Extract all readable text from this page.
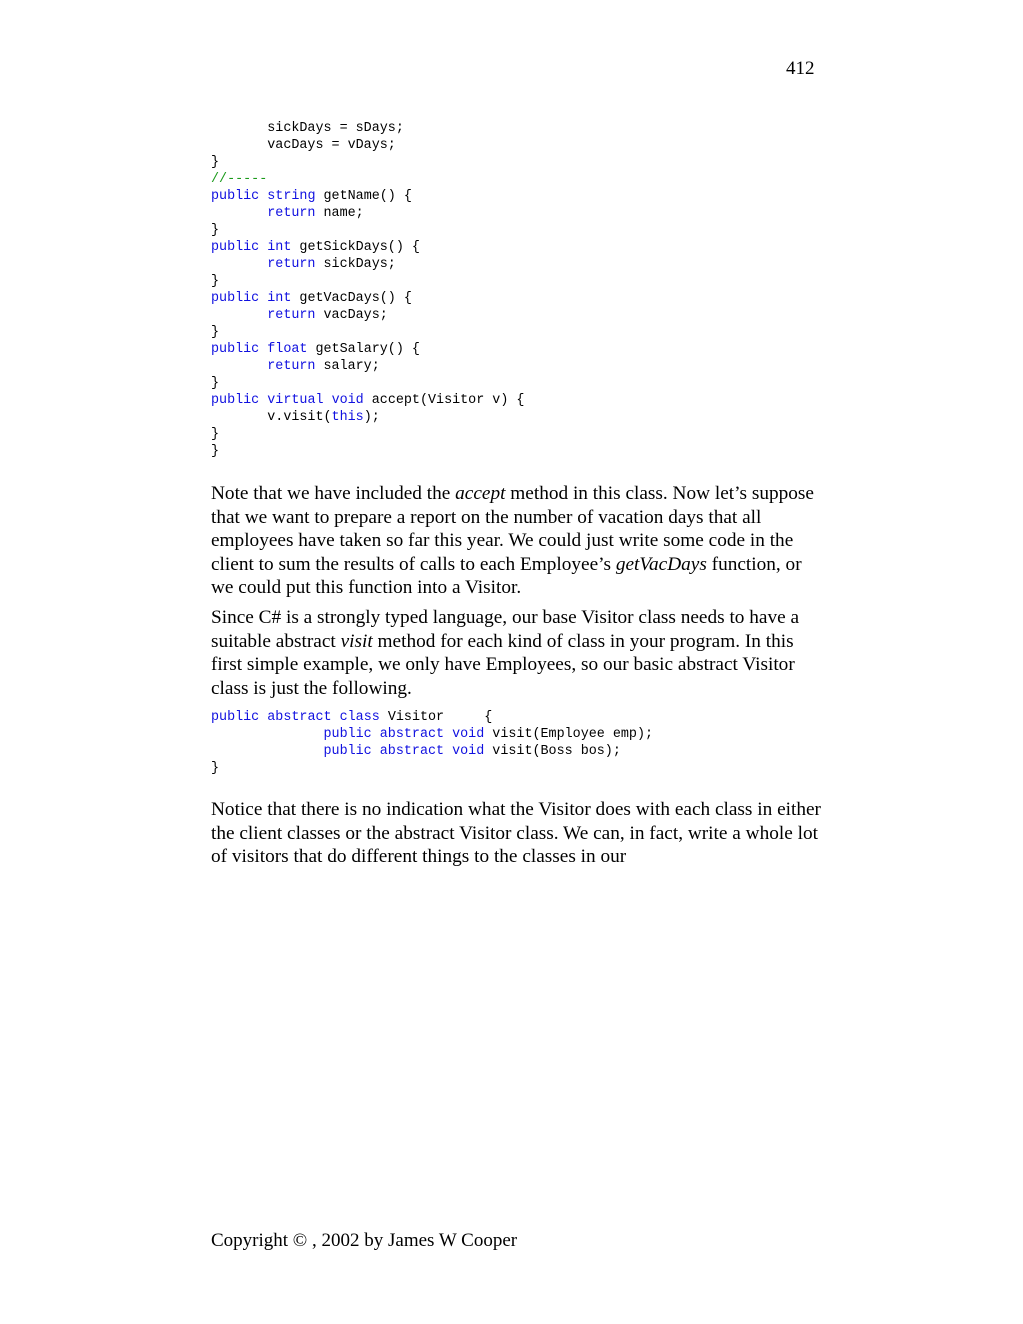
412
sickDays = sDays;
vacDays = vDays;
}
//-----
public string getName() {
return name;
}
public int getSickDays() {
return sickDays;
}
public int getVacDays() {
return vacDays;
}
public float getSalary() {
return salary;
}
public virtual void accept(Visitor v) {
v.visit(this);
}
}

Note that we have included the accept method in this class. Now let’s suppose that we want to prepare a report on the number of vacation days that all employees have taken so far this year. We could just write some code in the client to sum the results of calls to each Employee’s getVacDays function, or we could put this function into a Visitor.

Since C# is a strongly typed language, our base Visitor class needs to have a suitable abstract visit method for each kind of class in your program. In this first simple example, we only have Employees, so our basic abstract Visitor class is just the following.

public abstract class Visitor     {
public abstract void visit(Employee emp);
public abstract void visit(Boss bos);
}

Notice that there is no indication what the Visitor does with each class in either the client classes or the abstract Visitor class. We can, in fact, write a whole lot of visitors that do different things to the classes in our

Copyright © , 2002 by James W Cooper
